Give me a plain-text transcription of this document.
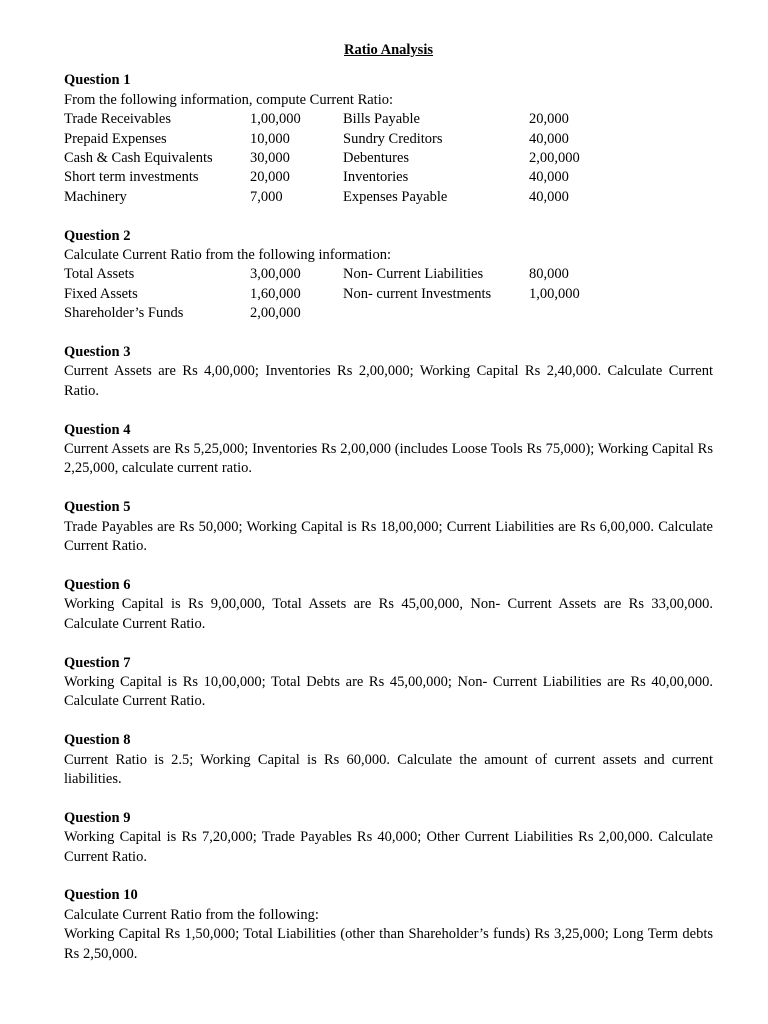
Ratio Analysis
Question 1
From the following information, compute Current Ratio:
Trade Receivables	1,00,000	Bills Payable	20,000
Prepaid Expenses	10,000	Sundry Creditors	40,000
Cash & Cash Equivalents	30,000	Debentures	2,00,000
Short term investments	20,000	Inventories	40,000
Machinery	7,000	Expenses Payable	40,000
Question 2
Calculate Current Ratio from the following information:
Total Assets	3,00,000	Non- Current Liabilities	80,000
Fixed Assets	1,60,000	Non- current Investments	1,00,000
Shareholder’s Funds	2,00,000
Question 3
Current Assets are Rs 4,00,000; Inventories Rs 2,00,000; Working Capital Rs 2,40,000. Calculate Current Ratio.
Question 4
Current Assets are Rs 5,25,000; Inventories Rs 2,00,000 (includes Loose Tools Rs 75,000); Working Capital Rs 2,25,000, calculate current ratio.
Question 5
Trade Payables are Rs 50,000; Working Capital is Rs 18,00,000; Current Liabilities are Rs 6,00,000. Calculate Current Ratio.
Question 6
Working Capital is Rs 9,00,000, Total Assets are Rs 45,00,000, Non- Current Assets are Rs 33,00,000. Calculate Current Ratio.
Question 7
Working Capital is Rs 10,00,000; Total Debts are Rs 45,00,000; Non- Current Liabilities are Rs 40,00,000. Calculate Current Ratio.
Question 8
Current Ratio is 2.5; Working Capital is Rs 60,000. Calculate the amount of current assets and current liabilities.
Question 9
Working Capital is Rs 7,20,000; Trade Payables Rs 40,000; Other Current Liabilities Rs 2,00,000. Calculate Current Ratio.
Question 10
Calculate Current Ratio from the following:
Working Capital Rs 1,50,000; Total Liabilities (other than Shareholder’s funds) Rs 3,25,000; Long Term debts Rs 2,50,000.
